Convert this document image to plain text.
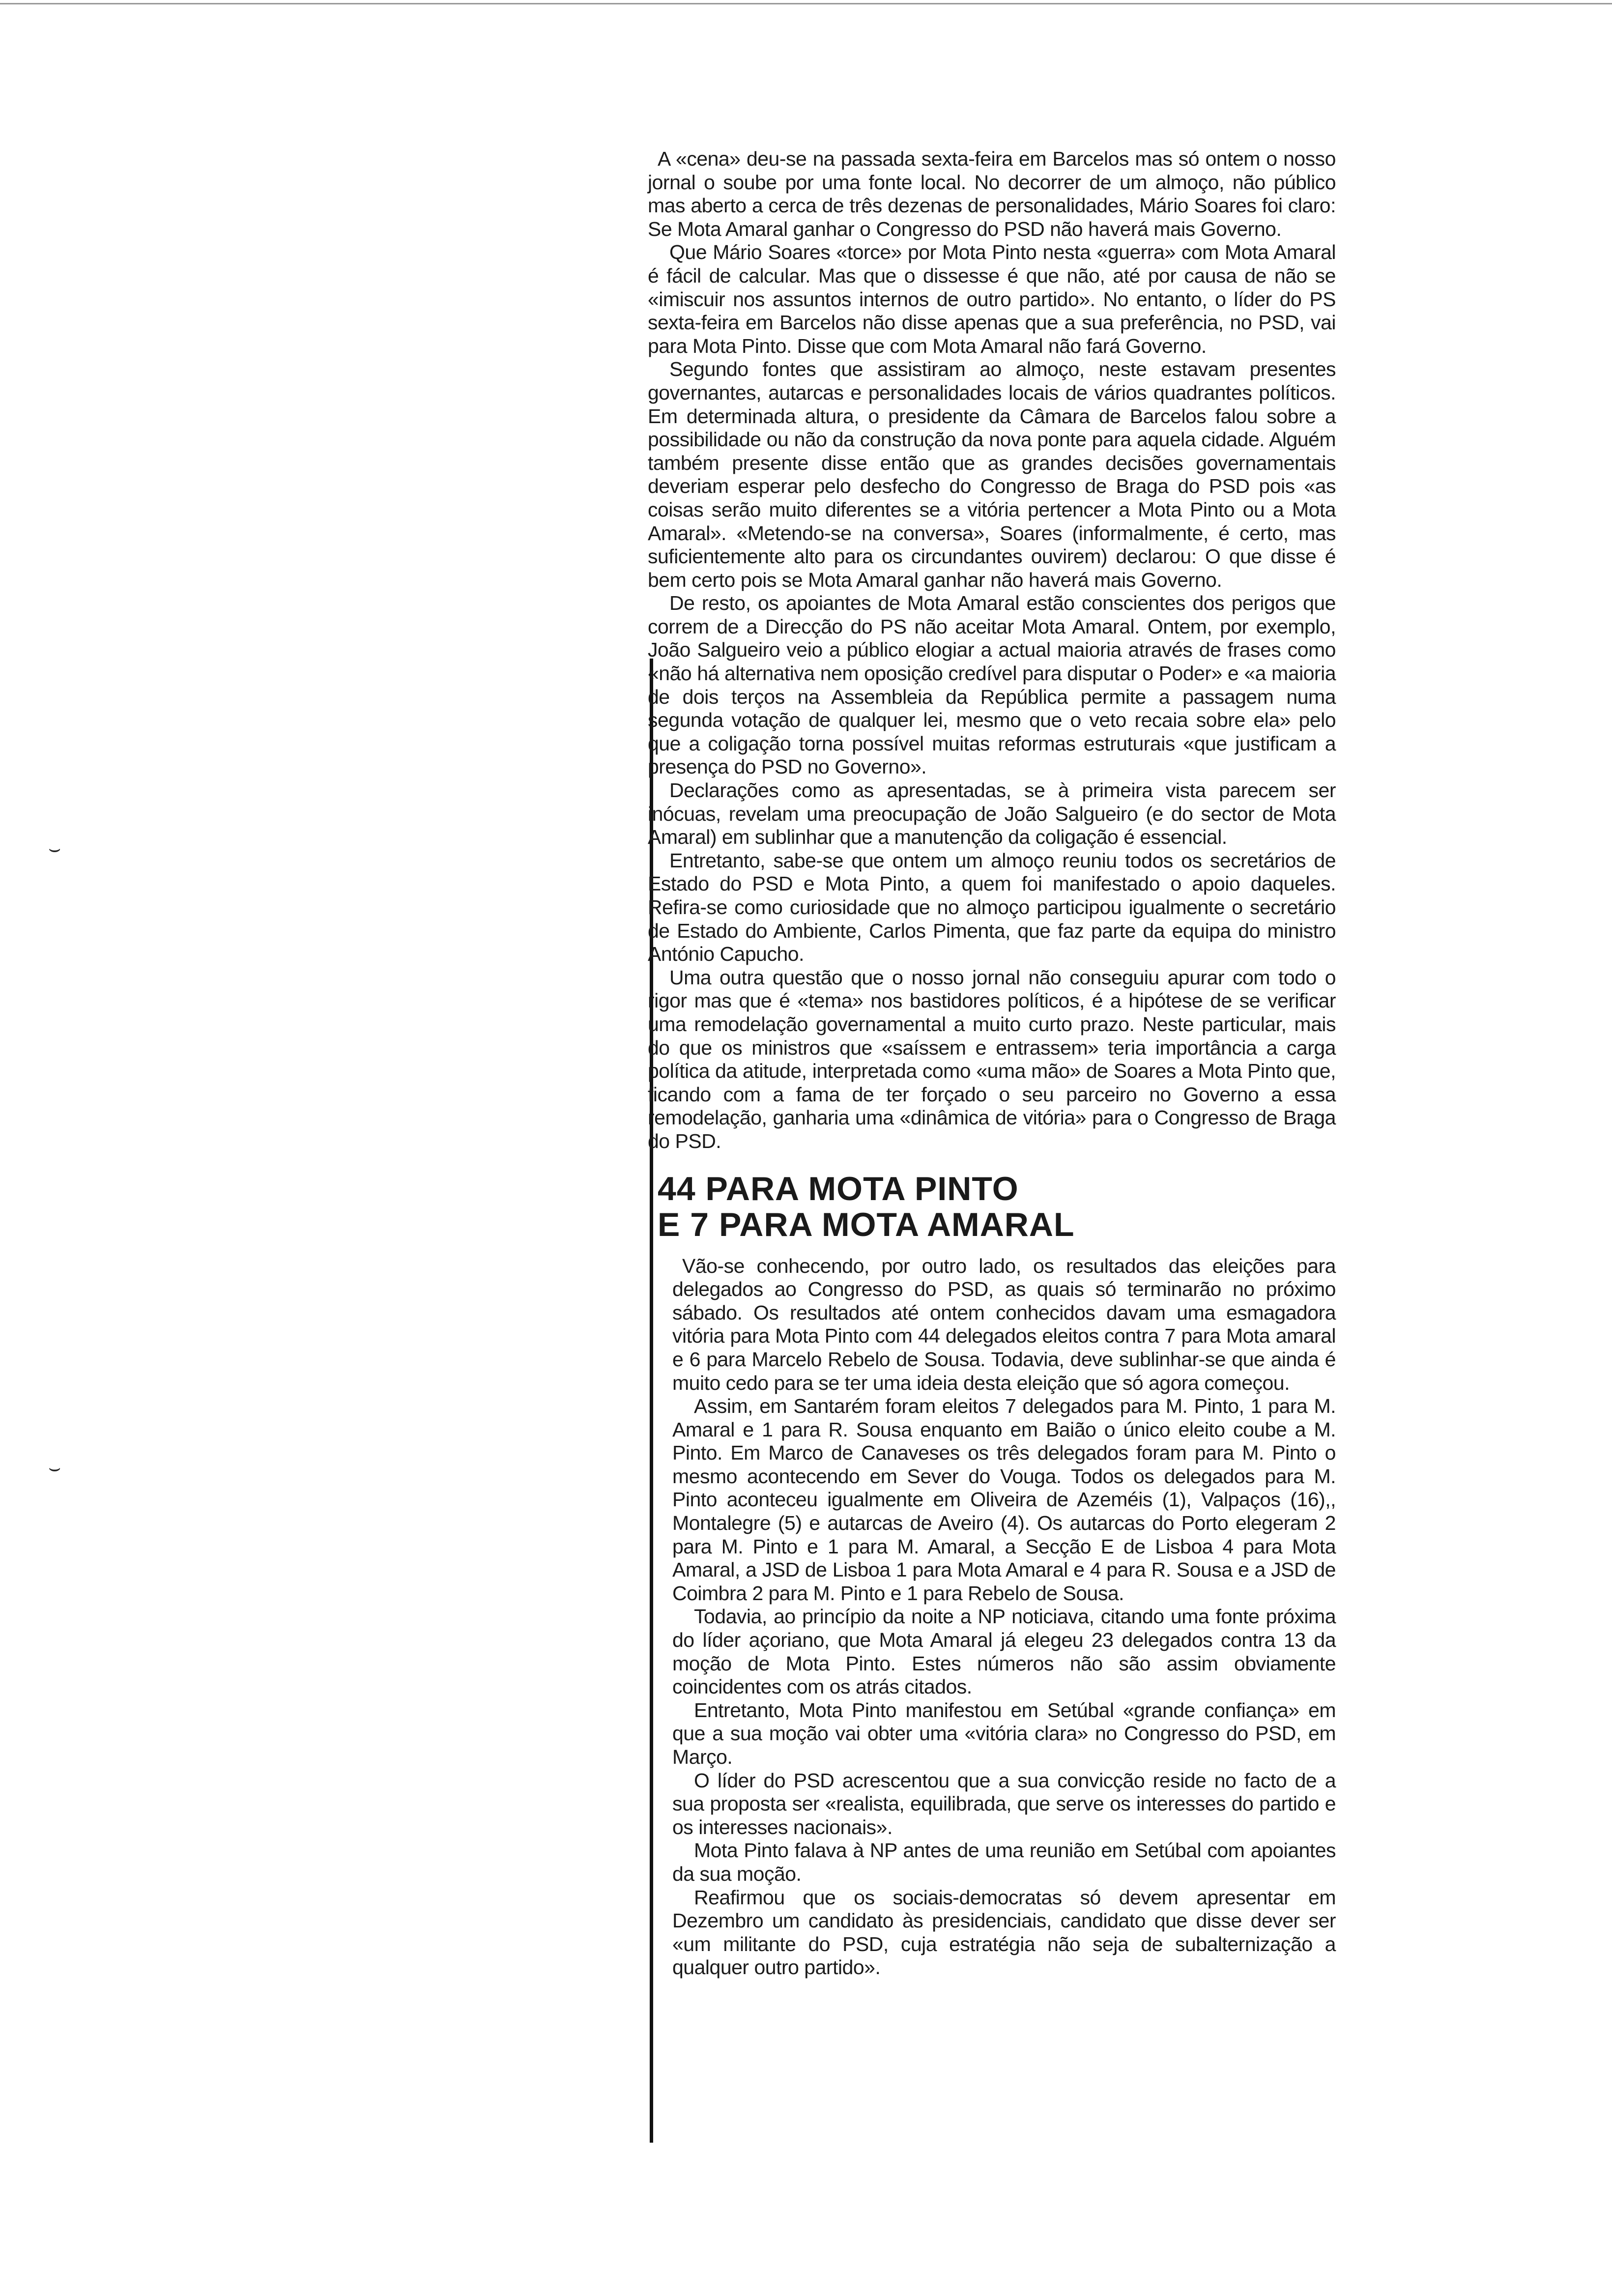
⌣
⌣

A «cena» deu-se na passada sexta-feira em Barcelos mas só ontem o nosso jornal o soube por uma fonte local. No decorrer de um almoço, não público mas aberto a cerca de três dezenas de personalidades, Mário Soares foi claro: Se Mota Amaral ganhar o Congresso do PSD não haverá mais Governo.

Que Mário Soares «torce» por Mota Pinto nesta «guerra» com Mota Amaral é fácil de calcular. Mas que o dissesse é que não, até por causa de não se «imiscuir nos assuntos internos de outro partido». No entanto, o líder do PS sexta-feira em Barcelos não disse apenas que a sua preferência, no PSD, vai para Mota Pinto. Disse que com Mota Amaral não fará Governo.

Segundo fontes que assistiram ao almoço, neste estavam presentes governantes, autarcas e personalidades locais de vários quadrantes políticos. Em determinada altura, o presidente da Câmara de Barcelos falou sobre a possibilidade ou não da construção da nova ponte para aquela cidade. Alguém também presente disse então que as grandes decisões governamentais deveriam esperar pelo desfecho do Congresso de Braga do PSD pois «as coisas serão muito diferentes se a vitória pertencer a Mota Pinto ou a Mota Amaral». «Metendo-se na conversa», Soares (informalmente, é certo, mas suficientemente alto para os circundantes ouvirem) declarou: O que disse é bem certo pois se Mota Amaral ganhar não haverá mais Governo.

De resto, os apoiantes de Mota Amaral estão conscientes dos perigos que correm de a Direcção do PS não aceitar Mota Amaral. Ontem, por exemplo, João Salgueiro veio a público elogiar a actual maioria através de frases como «não há alternativa nem oposição credível para disputar o Poder» e «a maioria de dois terços na Assembleia da República permite a passagem numa segunda votação de qualquer lei, mesmo que o veto recaia sobre ela» pelo que a coligação torna possível muitas reformas estruturais «que justificam a presença do PSD no Governo».

Declarações como as apresentadas, se à primeira vista parecem ser inócuas, revelam uma preocupação de João Salgueiro (e do sector de Mota Amaral) em sublinhar que a manutenção da coligação é essencial.

Entretanto, sabe-se que ontem um almoço reuniu todos os secretários de Estado do PSD e Mota Pinto, a quem foi manifestado o apoio daqueles. Refira-se como curiosidade que no almoço participou igualmente o secretário de Estado do Ambiente, Carlos Pimenta, que faz parte da equipa do ministro António Capucho.

Uma outra questão que o nosso jornal não conseguiu apurar com todo o rigor mas que é «tema» nos bastidores políticos, é a hipótese de se verificar uma remodelação governamental a muito curto prazo. Neste particular, mais do que os ministros que «saíssem e entrassem» teria importância a carga política da atitude, interpretada como «uma mão» de Soares a Mota Pinto que, ficando com a fama de ter forçado o seu parceiro no Governo a essa remodelação, ganharia uma «dinâmica de vitória» para o Congresso de Braga do PSD.

44 PARA MOTA PINTO
E 7 PARA MOTA AMARAL

Vão-se conhecendo, por outro lado, os resultados das eleições para delegados ao Congresso do PSD, as quais só terminarão no próximo sábado. Os resultados até ontem conhecidos davam uma esmagadora vitória para Mota Pinto com 44 delegados eleitos contra 7 para Mota amaral e 6 para Marcelo Rebelo de Sousa. Todavia, deve sublinhar-se que ainda é muito cedo para se ter uma ideia desta eleição que só agora começou.

Assim, em Santarém foram eleitos 7 delegados para M. Pinto, 1 para M. Amaral e 1 para R. Sousa enquanto em Baião o único eleito coube a M. Pinto. Em Marco de Canaveses os três delegados foram para M. Pinto o mesmo acontecendo em Sever do Vouga. Todos os delegados para M. Pinto aconteceu igualmente em Oliveira de Azeméis (1), Valpaços (16),, Montalegre (5) e autarcas de Aveiro (4). Os autarcas do Porto elegeram 2 para M. Pinto e 1 para M. Amaral, a Secção E de Lisboa 4 para Mota Amaral, a JSD de Lisboa 1 para Mota Amaral e 4 para R. Sousa e a JSD de Coimbra 2 para M. Pinto e 1 para Rebelo de Sousa.

Todavia, ao princípio da noite a NP noticiava, citando uma fonte próxima do líder açoriano, que Mota Amaral já elegeu 23 delegados contra 13 da moção de Mota Pinto. Estes números não são assim obviamente coincidentes com os atrás citados.

Entretanto, Mota Pinto manifestou em Setúbal «grande confiança» em que a sua moção vai obter uma «vitória clara» no Congresso do PSD, em Março.

O líder do PSD acrescentou que a sua convicção reside no facto de a sua proposta ser «realista, equilibrada, que serve os interesses do partido e os interesses nacionais».

Mota Pinto falava à NP antes de uma reunião em Setúbal com apoiantes da sua moção.

Reafirmou que os sociais-democratas só devem apresentar em Dezembro um candidato às presidenciais, candidato que disse dever ser «um militante do PSD, cuja estratégia não seja de subalternização a qualquer outro partido».
